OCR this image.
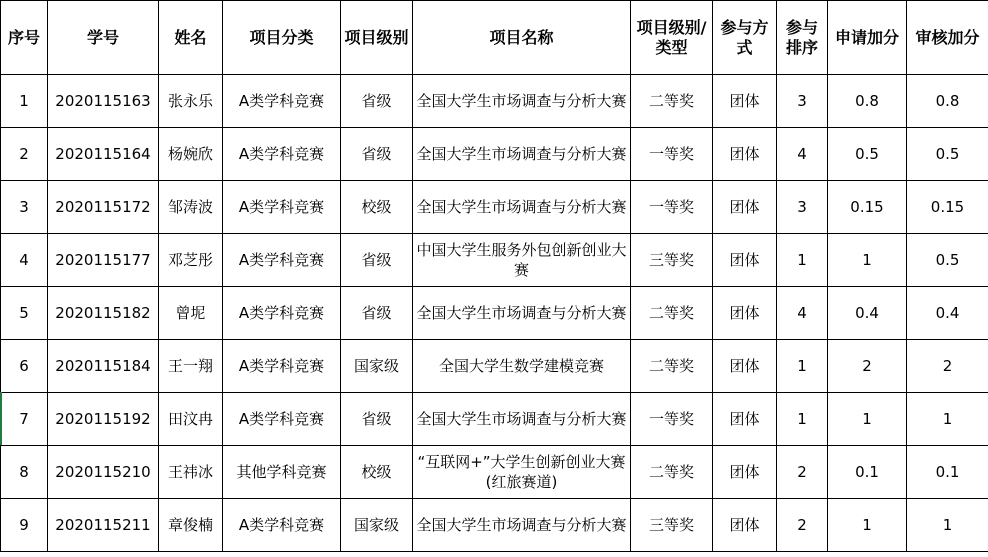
序号	学号	姓名	项目分类	项目级别	项目名称	项目级别/类型	参与方式	参与排序	申请加分	审核加分
1	2020115163	张永乐	A类学科竞赛	省级	全国大学生市场调查与分析大赛	二等奖	团体	3	0.8	0.8
2	2020115164	杨婉欣	A类学科竞赛	省级	全国大学生市场调查与分析大赛	一等奖	团体	4	0.5	0.5
3	2020115172	邹涛波	A类学科竞赛	校级	全国大学生市场调查与分析大赛	一等奖	团体	3	0.15	0.15
4	2020115177	邓芝彤	A类学科竞赛	省级	中国大学生服务外包创新创业大赛	三等奖	团体	1	1	0.5
5	2020115182	曾坭	A类学科竞赛	省级	全国大学生市场调查与分析大赛	二等奖	团体	4	0.4	0.4
6	2020115184	王一翔	A类学科竞赛	国家级	全国大学生数学建模竞赛	二等奖	团体	1	2	2
7	2020115192	田汶冉	A类学科竞赛	省级	全国大学生市场调查与分析大赛	一等奖	团体	1	1	1
8	2020115210	王祎冰	其他学科竞赛	校级	“互联网+”大学生创新创业大赛(红旅赛道)	二等奖	团体	2	0.1	0.1
9	2020115211	章俊楠	A类学科竞赛	国家级	全国大学生市场调查与分析大赛	三等奖	团体	2	1	1
